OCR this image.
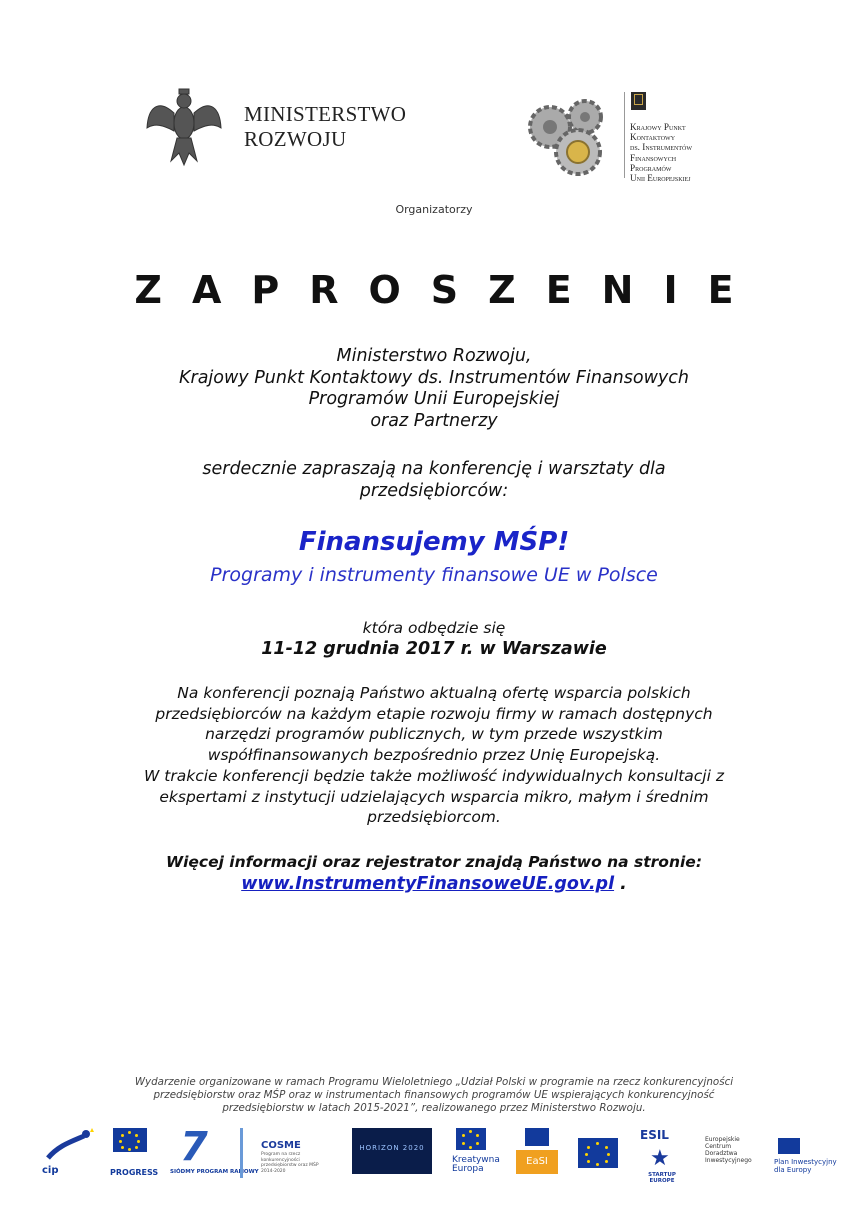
MINISTERSTWO
ROZWOJU	Krajowy Punkt
Kontaktowy
ds. Instrumentów
Finansowych
Programów
Unii Europejskiej
Organizatorzy
ZAPROSZENIE
Ministerstwo Rozwoju,
Krajowy Punkt Kontaktowy ds. Instrumentów Finansowych
Programów Unii Europejskiej
oraz Partnerzy
serdecznie zapraszają na konferencję i warsztaty dla
przedsiębiorców:
Finansujemy MŚP!
Programy i instrumenty finansowe UE w Polsce
która odbędzie się
11-12 grudnia 2017 r. w Warszawie
Na konferencji poznają Państwo aktualną ofertę wsparcia polskich
przedsiębiorców na każdym etapie rozwoju firmy w ramach dostępnych
narzędzi programów publicznych, w tym przede wszystkim
współfinansowanych bezpośrednio przez Unię Europejską.
W trakcie konferencji będzie także możliwość indywidualnych konsultacji z
ekspertami z instytucji udzielających wsparcia mikro, małym i średnim
przedsiębiorcom.
Więcej informacji oraz rejestrator znajdą Państwo na stronie:
www.InstrumentyFinansoweUE.gov.pl .
Wydarzenie organizowane w ramach Programu Wieloletniego „Udział Polski w programie na rzecz konkurencyjności
przedsiębiorstw oraz MŚP oraz w instrumentach finansowych programów UE wspierających konkurencyjność
przedsiębiorstw w latach 2015-2021”, realizowanego przez Ministerstwo Rozwoju.
cip	PROGRESS
7
SIÓDMY PROGRAM RAMOWY
COSME
Program na rzecz konkurencyjności przedsiębiorstw oraz MŚP 2014-2020
HORIZON 2020
Kreatywna Europa
EaSI
ESIL
★
STARTUP EUROPE
Europejskie Centrum Doradztwa Inwestycyjnego	Plan Inwestycyjny dla Europy
